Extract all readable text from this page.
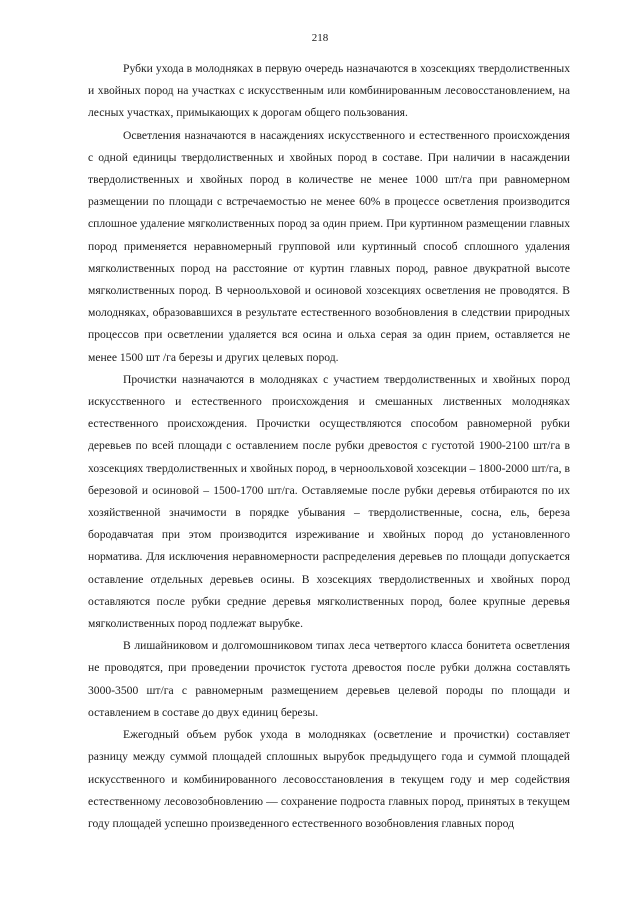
218

Рубки ухода в молодняках в первую очередь назначаются в хозсекциях твердолиственных и хвойных пород на участках с искусственным или комбинированным лесовосстановлением, на лесных участках, примыкающих к дорогам общего пользования.

Осветления назначаются в насаждениях искусственного и естественного происхождения с одной единицы твердолиственных и хвойных пород в составе. При наличии в насаждении твердолиственных и хвойных пород в количестве не менее 1000 шт/га при равномерном размещении по площади с встречаемостью не менее 60% в процессе осветления производится сплошное удаление мягколиственных пород за один прием. При куртинном размещении главных пород применяется неравномерный групповой или куртинный способ сплошного удаления мягколиственных пород на расстояние от куртин главных пород, равное двукратной высоте мягколиственных пород. В черноольховой и осиновой хозсекциях осветления не проводятся. В молодняках, образовавшихся в результате естественного возобновления в следствии природных процессов при осветлении удаляется вся осина и ольха серая за один прием, оставляется не менее 1500 шт /га березы и других целевых пород.

Прочистки назначаются в молодняках с участием твердолиственных и хвойных пород искусственного и естественного происхождения и смешанных лиственных молодняках естественного происхождения. Прочистки осуществляются способом равномерной рубки деревьев по всей площади с оставлением после рубки древостоя с густотой 1900-2100 шт/га в хозсекциях твердолиственных и хвойных пород, в черноольховой хозсекции – 1800-2000 шт/га, в березовой и осиновой – 1500-1700 шт/га. Оставляемые после рубки деревья отбираются по их хозяйственной значимости в порядке убывания – твердолиственные, сосна, ель, береза бородавчатая при этом производится изреживание и хвойных пород до установленного норматива. Для исключения неравномерности распределения деревьев по площади допускается оставление отдельных деревьев осины. В хозсекциях твердолиственных и хвойных пород оставляются после рубки средние деревья мягколиственных пород, более крупные деревья мягколиственных пород подлежат вырубке.

В лишайниковом и долгомошниковом типах леса четвертого класса бонитета осветления не проводятся, при проведении прочисток густота древостоя после рубки должна составлять 3000-3500 шт/га с равномерным размещением деревьев целевой породы по площади и оставлением в составе до двух единиц березы.

Ежегодный объем рубок ухода в молодняках (осветление и прочистки) составляет разницу между суммой площадей сплошных вырубок предыдущего года и суммой площадей искусственного и комбинированного лесовосстановления в текущем году и мер содействия естественному лесовозобновлению — сохранение подроста главных пород, принятых в текущем году площадей успешно произведенного естественного возобновления главных пород
